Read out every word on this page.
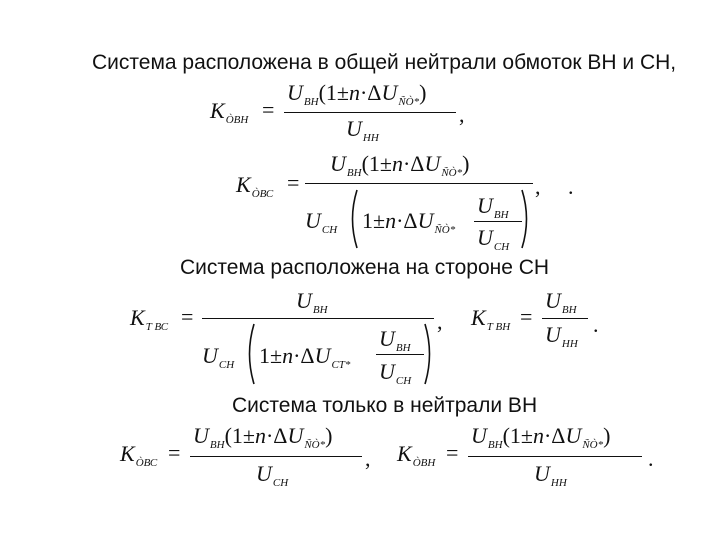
Система расположена в общей нейтрали обмоток ВН и СН,
Система расположена на стороне СН
Система только в нейтрали ВН
$K_{ÒВН}$ =
$U_{ВН}(1\pm n\cdot\Delta U_{ÑÒ*})$
$U_{НН}$
,
$K_{ÒВС}$ =
$U_{ВН}(1\pm n\cdot\Delta U_{ÑÒ*})$
$U_{СН}$ $1\pm n\cdot\Delta U_{ÑÒ*}$
$U_{ВН}$
$U_{СН}$
, .
$K_{Т ВС}$ =
$U_{ВН}$
$U_{СН}$ $1\pm n\cdot\Delta U_{СТ*}$
$U_{ВН}$
$U_{СН}$
, $K_{Т ВН}$ =
$U_{ВН}$
$U_{НН}$
.
$K_{ÒВС}$ =
$U_{ВН}(1\pm n\cdot\Delta U_{ÑÒ*})$
$U_{СН}$
, $K_{ÒВН}$ =
$U_{ВН}(1\pm n\cdot\Delta U_{ÑÒ*})$
$U_{НН}$
.
